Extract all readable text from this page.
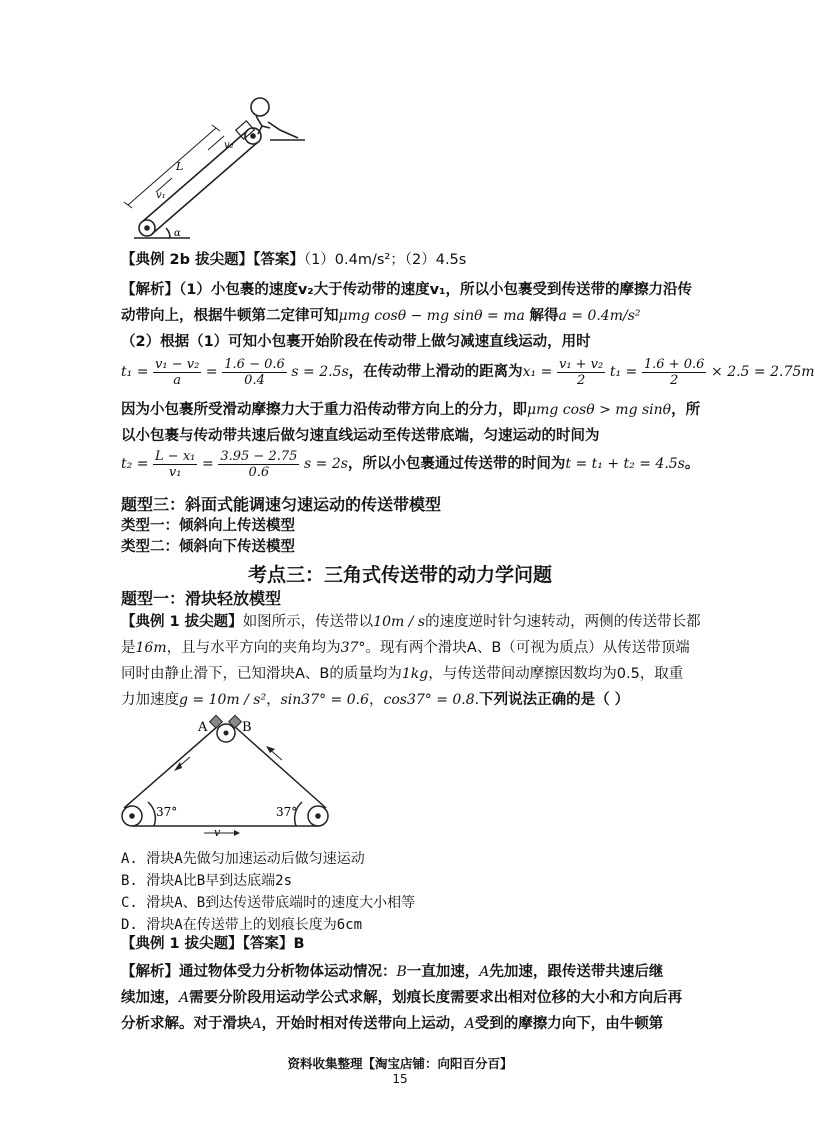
L
v₂
v₁
α
【典例 2b 拔尖题】【答案】（1）0.4m/s²；（2）4.5s
【解析】（1）小包裹的速度v₂大于传动带的速度v₁，所以小包裹受到传送带的摩擦力沿传
动带向上，根据牛顿第二定律可知μmg cosθ − mg sinθ = ma 解得a = 0.4m/s²
（2）根据（1）可知小包裹开始阶段在传动带上做匀减速直线运动，用时
$t_1 = \frac{\text{v₁ − v₂}}{a} = \frac{1.6 - 0.6}{0.4}$ s = 2.5s，在传动带上滑动的距离为$x_1 = \frac{\text{v₁ + v₂}}{2} t_1 = \frac{1.6 + 0.6}{2} \times 2.5 = 2.75m$
因为小包裹所受滑动摩擦力大于重力沿传动带方向上的分力，即μmg cosθ > mg sinθ，所
以小包裹与传动带共速后做匀速直线运动至传送带底端，匀速运动的时间为
$t_2 = \frac{\text{L − x₁}}{\text{v₁}} = \frac{3.95 - 2.75}{0.6}$ s = 2s，所以小包裹通过传送带的时间为t = t₁ + t₂ = 4.5s。
题型三：斜面式能调速匀速运动的传送带模型
类型一：倾斜向上传送模型
类型二：倾斜向下传送模型
考点三：三角式传送带的动力学问题
题型一：滑块轻放模型
【典例 1 拔尖题】如图所示，传送带以10m / s的速度逆时针匀速转动，两侧的传送带长都
是16m，且与水平方向的夹角均为37°。现有两个滑块A、B（可视为质点）从传送带顶端
同时由静止滑下，已知滑块A、B的质量均为1kg，与传送带间动摩擦因数均为0.5，取重
力加速度g = 10m / s²，sin37° = 0.6，cos37° = 0.8.下列说法正确的是（ ）
A	B
37°	37°
v
A. 滑块A先做匀加速运动后做匀速运动
B. 滑块A比B早到达底端2s
C. 滑块A、B到达传送带底端时的速度大小相等
D. 滑块A在传送带上的划痕长度为6cm
【典例 1 拔尖题】【答案】B
【解析】通过物体受力分析物体运动情况：B一直加速，A先加速，跟传送带共速后继
续加速，A需要分阶段用运动学公式求解，划痕长度需要求出相对位移的大小和方向后再
分析求解。对于滑块A，开始时相对传送带向上运动，A受到的摩擦力向下，由牛顿第
资料收集整理【淘宝店铺：向阳百分百】
15
